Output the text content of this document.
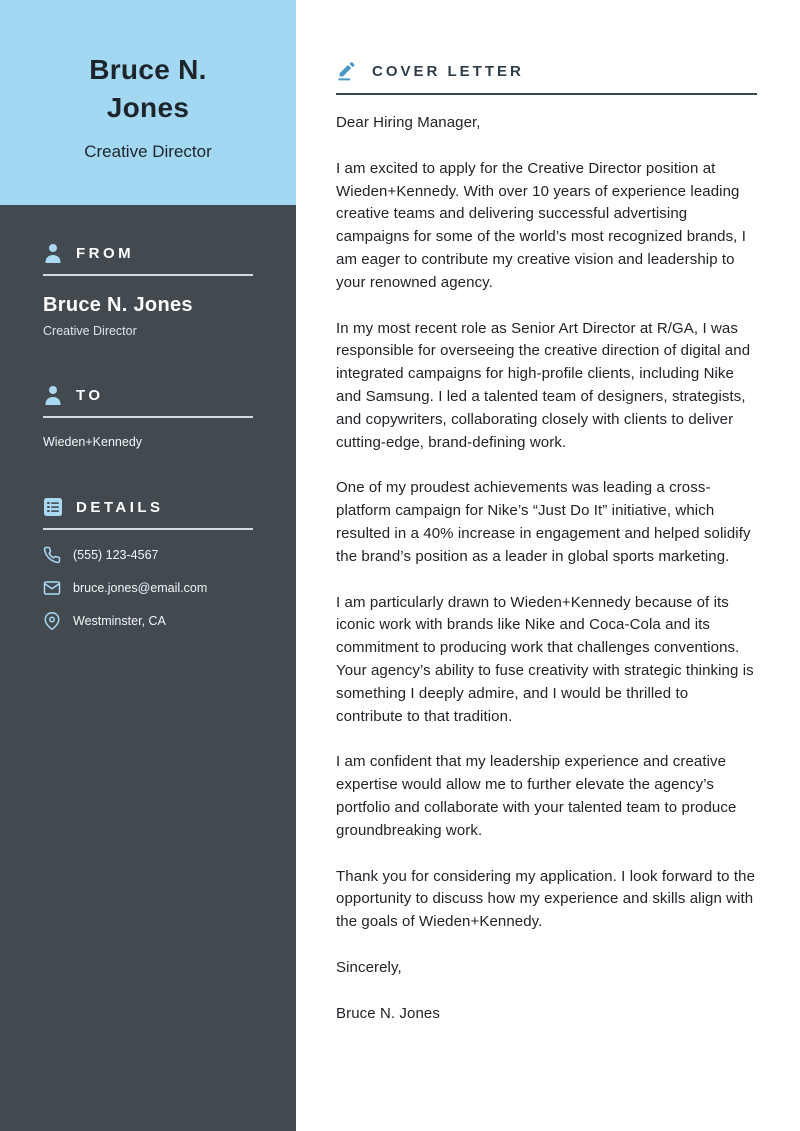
Bruce N. Jones
Creative Director
FROM
Bruce N. Jones
Creative Director
TO
Wieden+Kennedy
DETAILS
(555) 123-4567
bruce.jones@email.com
Westminster, CA
COVER LETTER

Dear Hiring Manager,

I am excited to apply for the Creative Director position at Wieden+Kennedy. With over 10 years of experience leading creative teams and delivering successful advertising campaigns for some of the world’s most recognized brands, I am eager to contribute my creative vision and leadership to your renowned agency.

In my most recent role as Senior Art Director at R/GA, I was responsible for overseeing the creative direction of digital and integrated campaigns for high-profile clients, including Nike and Samsung. I led a talented team of designers, strategists, and copywriters, collaborating closely with clients to deliver cutting-edge, brand-defining work.

One of my proudest achievements was leading a cross-platform campaign for Nike’s “Just Do It” initiative, which resulted in a 40% increase in engagement and helped solidify the brand’s position as a leader in global sports marketing.

I am particularly drawn to Wieden+Kennedy because of its iconic work with brands like Nike and Coca-Cola and its commitment to producing work that challenges conventions. Your agency’s ability to fuse creativity with strategic thinking is something I deeply admire, and I would be thrilled to contribute to that tradition.

I am confident that my leadership experience and creative expertise would allow me to further elevate the agency’s portfolio and collaborate with your talented team to produce groundbreaking work.

Thank you for considering my application. I look forward to the opportunity to discuss how my experience and skills align with the goals of Wieden+Kennedy.

Sincerely,

Bruce N. Jones
